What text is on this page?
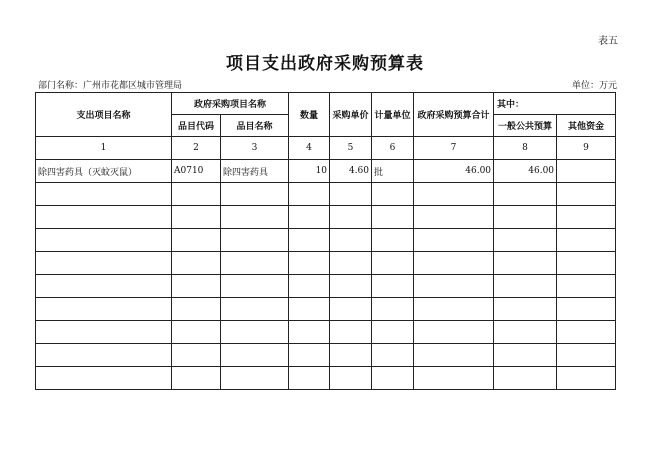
表五
项目支出政府采购预算表
部门名称：广州市花都区城市管理局	单位：万元
支出项目名称	政府采购项目名称		数量	采购单价	计量单位	政府采购预算合计	其中：	
	品目代码	品目名称					一般公共预算	其他资金
1	2	3	4	5	6	7	8	9
除四害药具（灭蚊灭鼠）	A0710	除四害药具	10	4.60	批	46.00	46.00	
